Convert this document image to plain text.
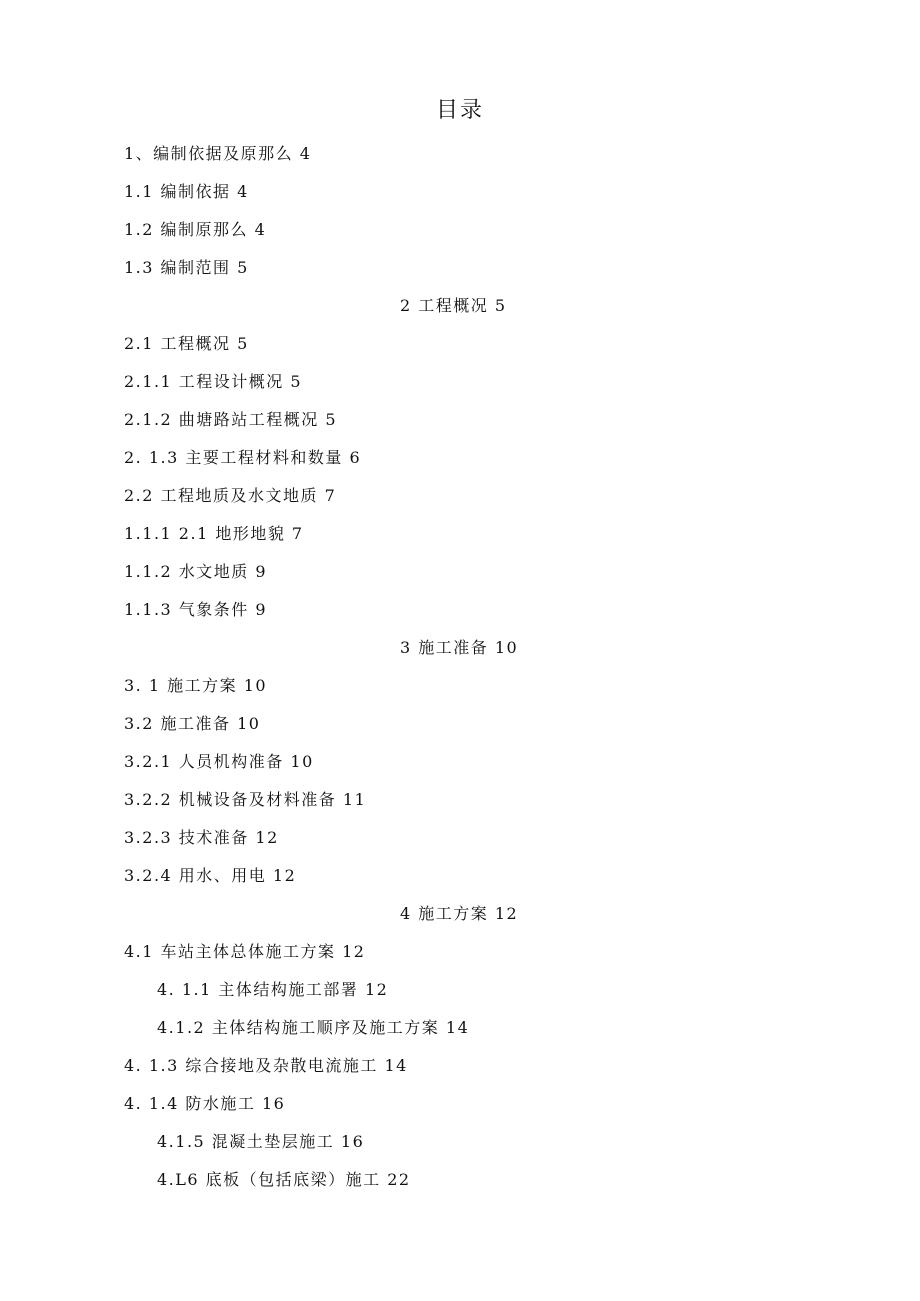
目录
1、编制依据及原那么 4
1.1 编制依据 4
1.2 编制原那么 4
1.3 编制范围 5
2 工程概况 5
2.1 工程概况 5
2.1.1 工程设计概况 5
2.1.2 曲塘路站工程概况 5
2. 1.3 主要工程材料和数量 6
2.2 工程地质及水文地质 7
1.1.1 2.1 地形地貌 7
1.1.2 水文地质 9
1.1.3 气象条件 9
3 施工准备 10
3. 1 施工方案 10
3.2 施工准备 10
3.2.1 人员机构准备 10
3.2.2 机械设备及材料准备 11
3.2.3 技术准备 12
3.2.4 用水、用电 12
4 施工方案 12
4.1 车站主体总体施工方案 12
4. 1.1 主体结构施工部署 12
4.1.2 主体结构施工顺序及施工方案 14
4. 1.3 综合接地及杂散电流施工 14
4. 1.4 防水施工 16
4.1.5 混凝土垫层施工 16
4.L6 底板（包括底梁）施工 22
